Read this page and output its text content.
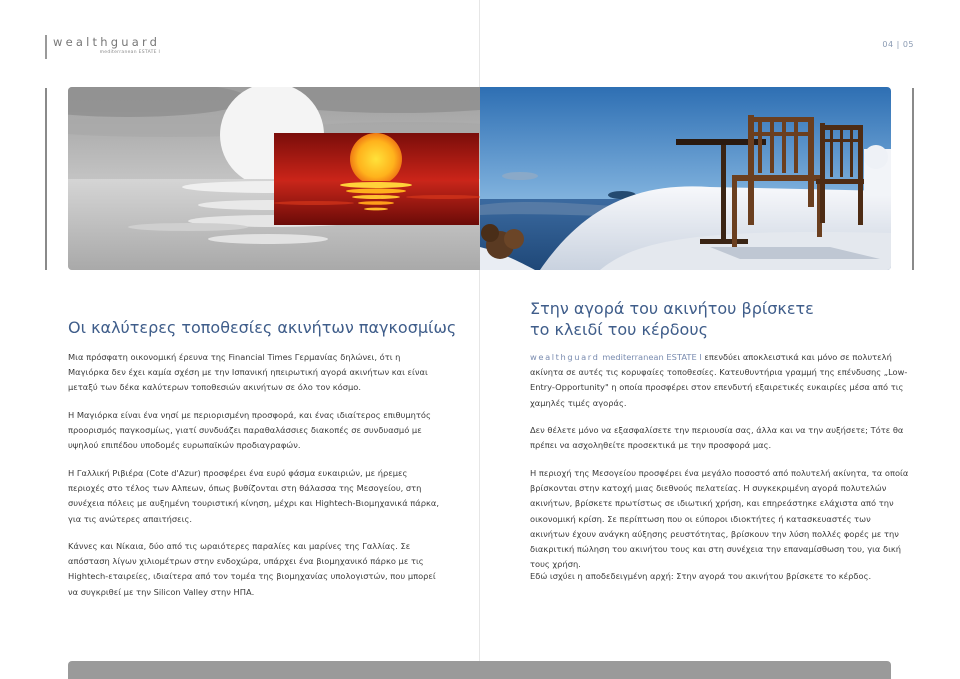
wealthguard
mediterranean ESTATE I
04 | 05
Οι καλύτερες τοποθεσίες ακινήτων παγκοσμίως

Μια πρόσφατη οικονομική έρευνα της Financial Times Γερμανίας δηλώνει, ότι η Μαγιόρκα δεν έχει καμία σχέση με την Ισπανική ηπειρωτική αγορά ακινήτων και είναι μεταξύ των δέκα καλύτερων τοποθεσιών ακινήτων σε όλο τον κόσμο.

Η Μαγιόρκα είναι ένα νησί με περιορισμένη προσφορά, και ένας ιδιαίτερος επιθυμητός προορισμός παγκοσμίως, γιατί συνδυάζει παραθαλάσσιες διακοπές σε συνδυασμό με υψηλού επιπέδου υποδομές ευρωπαϊκών προδιαγραφών.

Η Γαλλική Ριβιέρα (Cote d'Azur) προσφέρει ένα ευρύ φάσμα ευκαιριών, με ήρεμες περιοχές στο τέλος των Αλπεων, όπως βυθίζονται στη θάλασσα της Μεσογείου, στη συνέχεια πόλεις με αυξημένη τουριστική κίνηση, μέχρι και Hightech-Βιομηχανικά πάρκα, για τις ανώτερες απαιτήσεις.

Κάννες και Νίκαια, δύο από τις ωραιότερες παραλίες και μαρίνες της Γαλλίας. Σε απόσταση λίγων χιλιομέτρων στην ενδοχώρα, υπάρχει ένα βιομηχανικό πάρκο με τις Hightech-εταιρείες, ιδιαίτερα από τον τομέα της βιομηχανίας υπολογιστών, που μπορεί να συγκριθεί με την Silicon Valley στην ΗΠΑ.

Στην αγορά του ακινήτου βρίσκετε
το κλειδί του κέρδους

wealthguard mediterranean ESTATE I επενδύει αποκλειστικά και μόνο σε πολυτελή ακίνητα σε αυτές τις κορυφαίες τοποθεσίες. Κατευθυντήρια γραμμή της επένδυσης „Low-Entry-Opportunity" η οποία προσφέρει στον επενδυτή εξαιρετικές ευκαιρίες μέσα από τις χαμηλές τιμές αγοράς.

Δεν θέλετε μόνο να εξασφαλίσετε την περιουσία σας, άλλα και να την αυξήσετε; Τότε θα πρέπει να ασχοληθείτε προσεκτικά με την προσφορά μας.

Η περιοχή της Μεσογείου προσφέρει ένα μεγάλο ποσοστό από πολυτελή ακίνητα, τα οποία βρίσκονται στην κατοχή μιας διεθνούς πελατείας. Η συγκεκριμένη αγορά πολυτελών ακινήτων, βρίσκετε πρωτίστως σε ιδιωτική χρήση, και επηρεάστηκε ελάχιστα από την οικονομική κρίση. Σε περίπτωση που οι εύποροι ιδιοκτήτες ή κατασκευαστές των ακινήτων έχουν ανάγκη αύξησης ρευστότητας, βρίσκουν την λύση πολλές φορές με την διακριτική πώληση του ακινήτου τους και στη συνέχεια την επαναμίσθωση του, για δική τους χρήση.

Εδώ ισχύει η αποδεδειγμένη αρχή: Στην αγορά του ακινήτου βρίσκετε το κέρδος.
